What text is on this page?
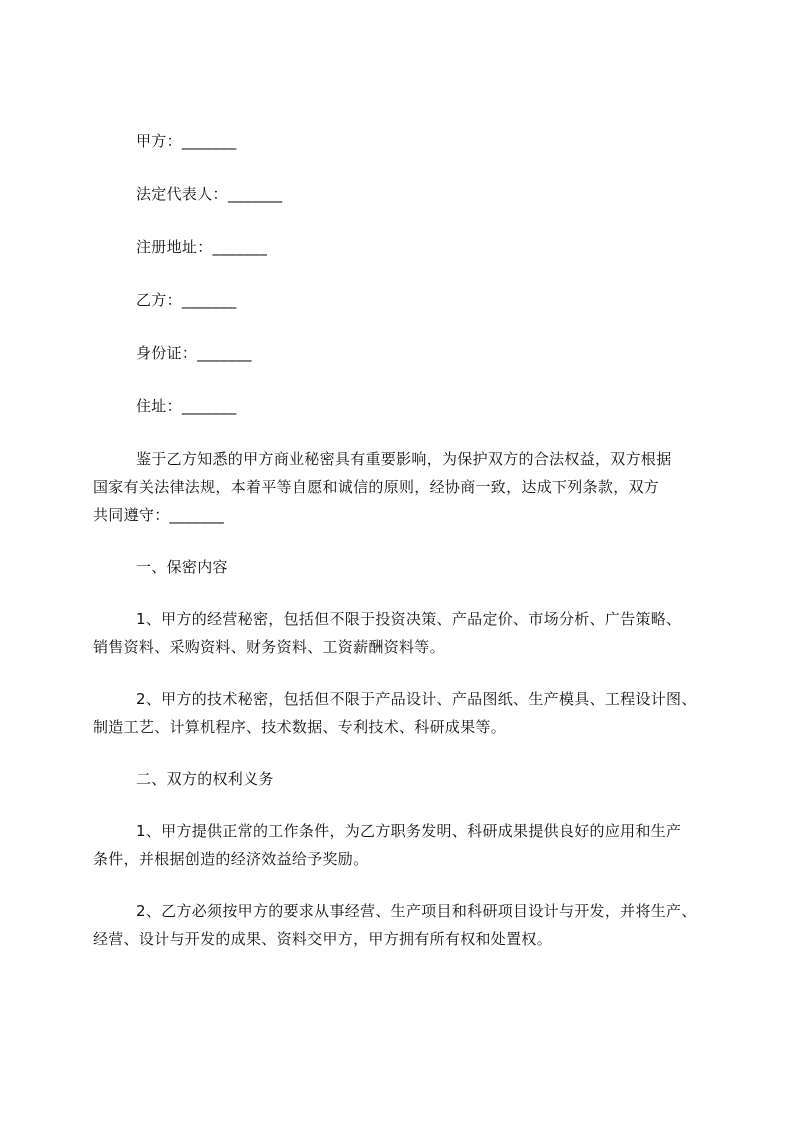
甲方：_______
法定代表人：_______
注册地址：_______
乙方：_______
身份证：_______
住址：_______
鉴于乙方知悉的甲方商业秘密具有重要影响，为保护双方的合法权益，双方根据
国家有关法律法规，本着平等自愿和诚信的原则，经协商一致，达成下列条款，双方
共同遵守：_______
一、保密内容
1、甲方的经营秘密，包括但不限于投资决策、产品定价、市场分析、广告策略、
销售资料、采购资料、财务资料、工资薪酬资料等。
2、甲方的技术秘密，包括但不限于产品设计、产品图纸、生产模具、工程设计图、
制造工艺、计算机程序、技术数据、专利技术、科研成果等。
二、双方的权利义务
1、甲方提供正常的工作条件，为乙方职务发明、科研成果提供良好的应用和生产
条件，并根据创造的经济效益给予奖励。
2、乙方必须按甲方的要求从事经营、生产项目和科研项目设计与开发，并将生产、
经营、设计与开发的成果、资料交甲方，甲方拥有所有权和处置权。
